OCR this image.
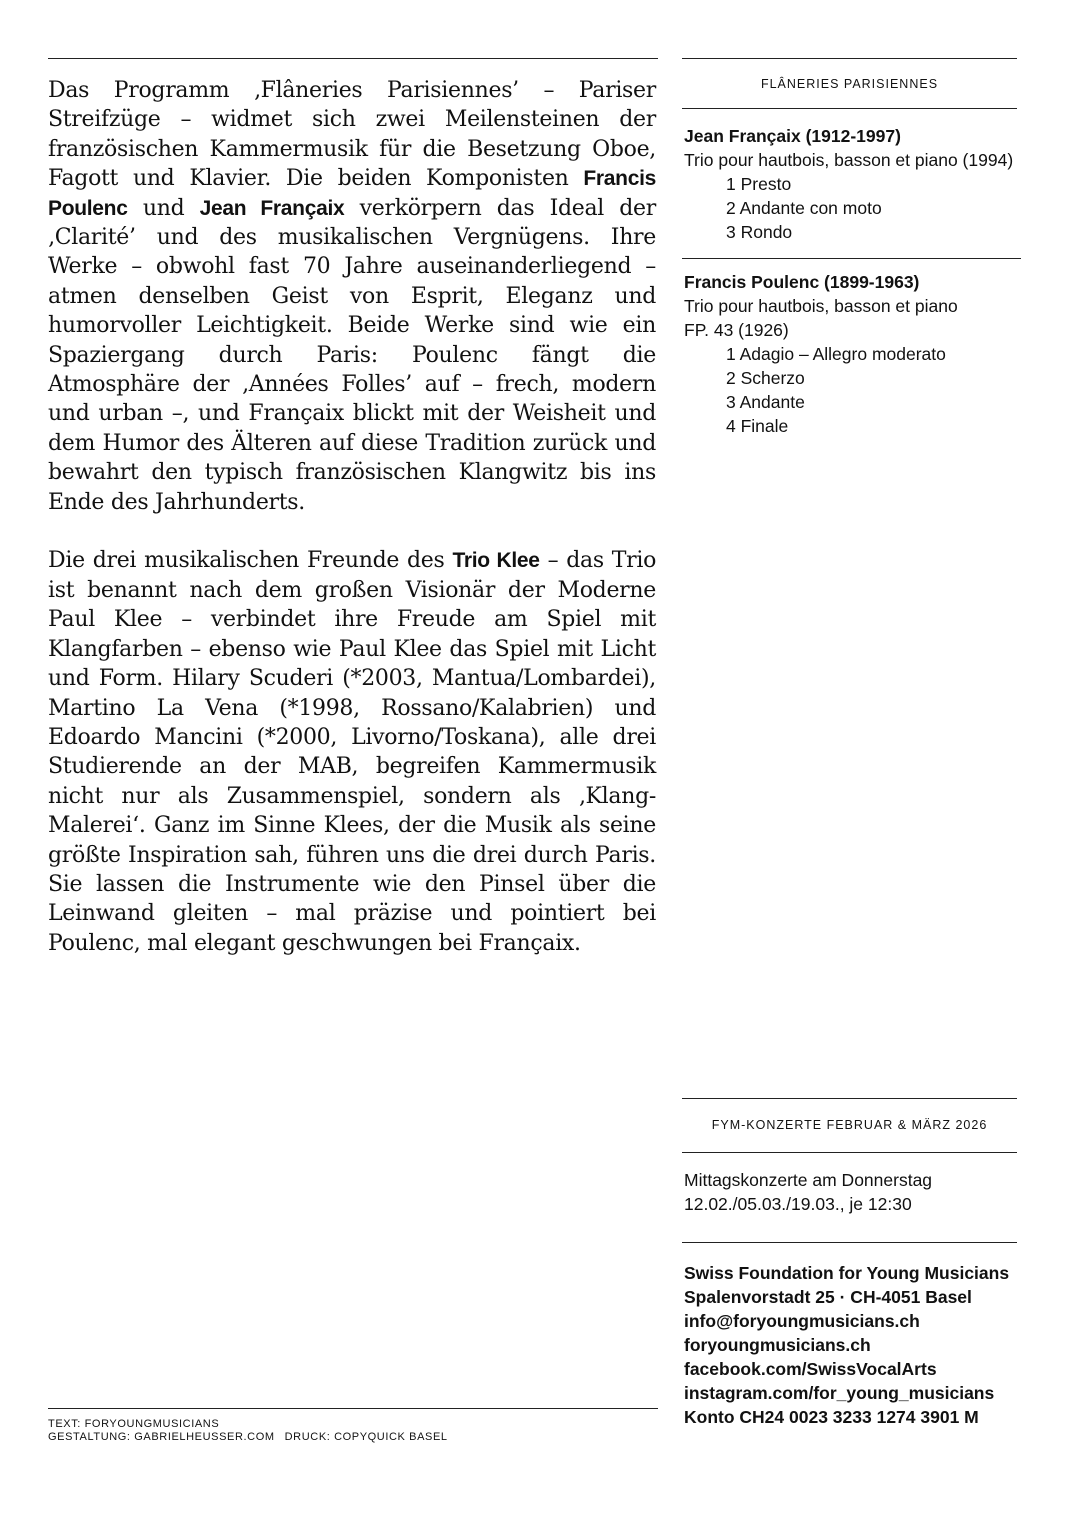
Das Programm ‚Flâneries Parisiennes’ – Pariser Streifzüge – widmet sich zwei Meilensteinen der französischen Kammermusik für die Besetzung Oboe, Fagott und Klavier. Die beiden Komponisten Francis Poulenc und Jean Françaix verkörpern das Ideal der ‚Clarité’ und des musikalischen Vergnügens. Ihre Werke – obwohl fast 70 Jahre auseinanderliegend – atmen denselben Geist von Esprit, Eleganz und humorvoller Leichtigkeit. Beide Werke sind wie ein Spaziergang durch Paris: Poulenc fängt die Atmosphäre der ‚Années Folles’ auf – frech, modern und urban –, und Françaix blickt mit der Weisheit und dem Humor des Älteren auf diese Tradition zurück und bewahrt den typisch französischen Klangwitz bis ins Ende des Jahrhunderts.

Die drei musikalischen Freunde des Trio Klee – das Trio ist benannt nach dem großen Visionär der Moderne Paul Klee – verbindet ihre Freude am Spiel mit Klangfarben – ebenso wie Paul Klee das Spiel mit Licht und Form. Hilary Scuderi (*2003, Mantua/Lombardei), Martino La Vena (*1998, Rossano/Kalabrien) und Edoardo Mancini (*2000, Livorno/Toskana), alle drei Studierende an der MAB, begreifen Kammermusik nicht nur als Zusammenspiel, sondern als ‚Klang-Malerei‘. Ganz im Sinne Klees, der die Musik als seine größte Inspiration sah, führen uns die drei durch Paris. Sie lassen die Instrumente wie den Pinsel über die Leinwand gleiten – mal präzise und pointiert bei Poulenc, mal elegant geschwungen bei Françaix.

FLÂNERIES PARISIENNES
Jean Françaix (1912-1997)
Trio pour hautbois, basson et piano (1994)
1 Presto
2 Andante con moto
3 Rondo
Francis Poulenc (1899-1963)
Trio pour hautbois, basson et piano
FP. 43 (1926)
1 Adagio – Allegro moderato
2 Scherzo
3 Andante
4 Finale
FYM-KONZERTE FEBRUAR & MÄRZ 2026
Mittagskonzerte am Donnerstag
12.02./05.03./19.03., je 12:30
Swiss Foundation for Young Musicians
Spalenvorstadt 25 · CH-4051 Basel
info@foryoungmusicians.ch
foryoungmusicians.ch
facebook.com/SwissVocalArts
instagram.com/for_young_musicians
Konto CH24 0023 3233 1274 3901 M
TEXT: FORYOUNGMUSICIANS
GESTALTUNG: GABRIELHEUSSER.COM DRUCK: COPYQUICK BASEL
